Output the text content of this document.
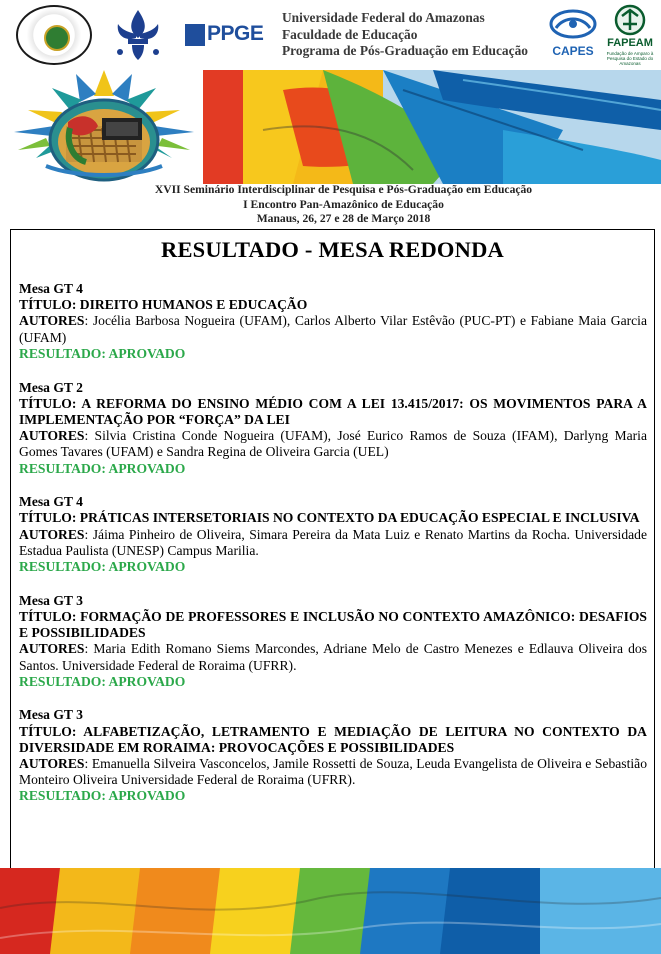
PPGE
Universidade Federal do Amazonas
Faculdade de Educação
Programa de Pós-Graduação em Educação	CAPES
FAPEAM
Fundação de Amparo à Pesquisa do Estado do Amazonas
XVII Seminário Interdisciplinar de Pesquisa e Pós-Graduação em Educação
I Encontro Pan-Amazônico de Educação
Manaus, 26, 27 e 28 de Março 2018
RESULTADO - MESA REDONDA

Mesa GT 4

TÍTULO: DIREITO HUMANOS E EDUCAÇÃO

AUTORES: Jocélia Barbosa Nogueira (UFAM), Carlos Alberto Vilar Estêvão (PUC-PT) e Fabiane Maia Garcia (UFAM)

RESULTADO: APROVADO

Mesa GT 2

TÍTULO: A REFORMA DO ENSINO MÉDIO COM A LEI 13.415/2017: OS MOVIMENTOS PARA A IMPLEMENTAÇÃO POR “FORÇA” DA LEI

AUTORES: Silvia Cristina Conde Nogueira (UFAM), José Eurico Ramos de Souza (IFAM), Darlyng Maria Gomes Tavares (UFAM) e Sandra Regina de Oliveira Garcia (UEL)

RESULTADO: APROVADO

Mesa GT 4

TÍTULO: PRÁTICAS INTERSETORIAIS NO CONTEXTO DA EDUCAÇÃO ESPECIAL E INCLUSIVA

AUTORES: Jáima Pinheiro de Oliveira, Simara Pereira da Mata Luiz e Renato Martins da Rocha. Universidade Estadua Paulista (UNESP) Campus Marilia.

RESULTADO: APROVADO

Mesa GT 3

TÍTULO: FORMAÇÃO DE PROFESSORES E INCLUSÃO NO CONTEXTO AMAZÔNICO: DESAFIOS E POSSIBILIDADES

AUTORES: Maria Edith Romano Siems Marcondes, Adriane Melo de Castro Menezes e Edlauva Oliveira dos Santos. Universidade Federal de Roraima (UFRR).

RESULTADO: APROVADO

Mesa GT 3

TÍTULO: ALFABETIZAÇÃO, LETRAMENTO E MEDIAÇÃO DE LEITURA NO CONTEXTO DA DIVERSIDADE EM RORAIMA: PROVOCAÇÕES E POSSIBILIDADES

AUTORES: Emanuella Silveira Vasconcelos, Jamile Rossetti de Souza, Leuda Evangelista de Oliveira e Sebastião Monteiro Oliveira Universidade Federal de Roraima (UFRR).

RESULTADO: APROVADO
